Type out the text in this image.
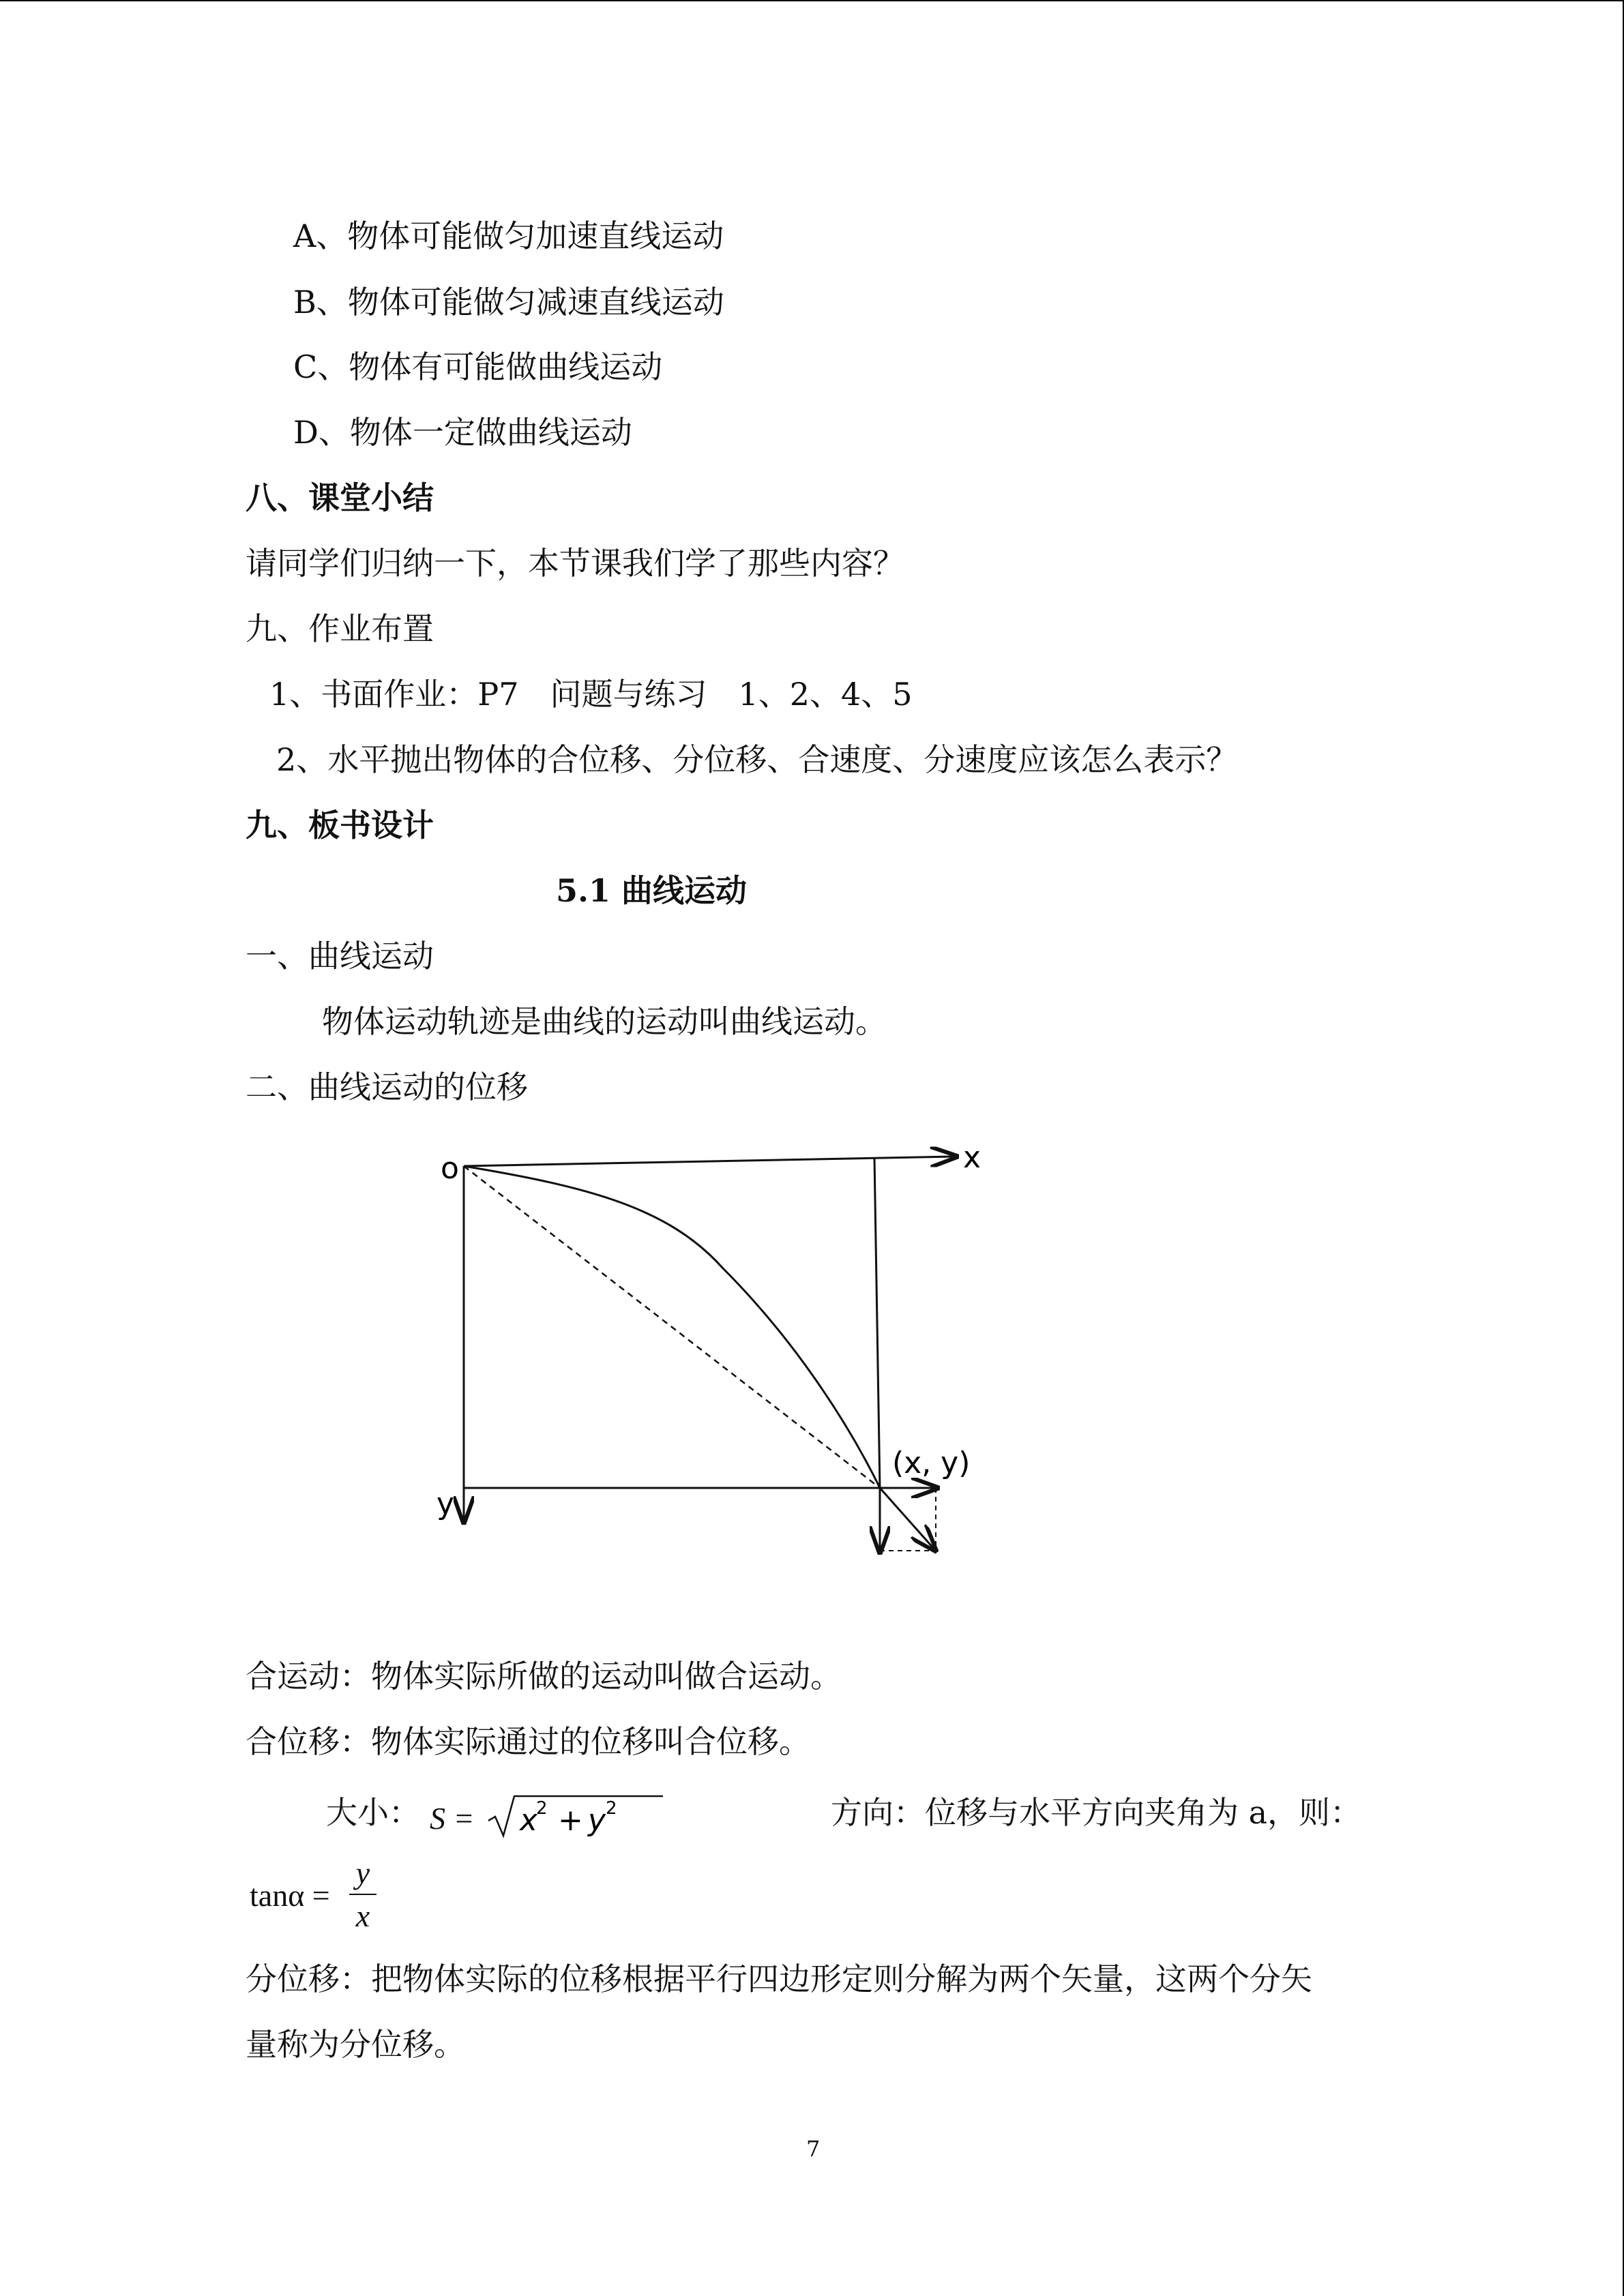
A、物体可能做匀加速直线运动
B、物体可能做匀减速直线运动
C、物体有可能做曲线运动
D、物体一定做曲线运动
八、课堂小结
请同学们归纳一下，本节课我们学了那些内容？
九、作业布置
1、书面作业：P7　问题与练习　1、2、4、5
2、水平抛出物体的合位移、分位移、合速度、分速度应该怎么表示？
九、板书设计
5.1 曲线运动
一、曲线运动
物体运动轨迹是曲线的运动叫曲线运动。
二、曲线运动的位移
o	x
y
(x, y)
合运动：物体实际所做的运动叫做合运动。
合位移：物体实际通过的位移叫合位移。
大小： S = x
2 + y 2	方向：位移与水平方向夹角为 a，则：
tanα =
y
x
分位移：把物体实际的位移根据平行四边形定则分解为两个矢量，这两个分矢
量称为分位移。
7
